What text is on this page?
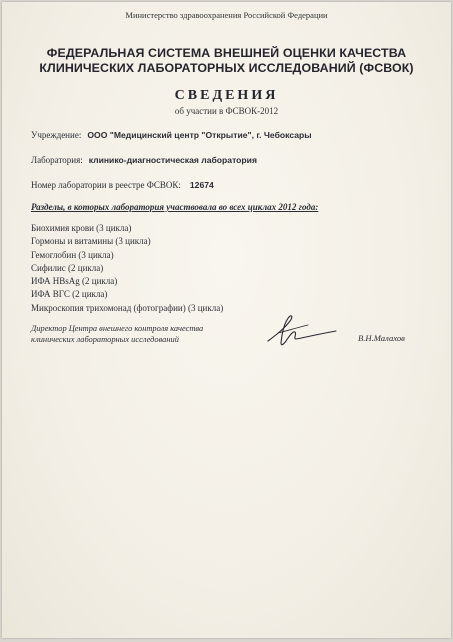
Министерство здравоохранения Российской Федерации
ФЕДЕРАЛЬНАЯ СИСТЕМА ВНЕШНЕЙ ОЦЕНКИ КАЧЕСТВА
КЛИНИЧЕСКИХ ЛАБОРАТОРНЫХ ИССЛЕДОВАНИЙ (ФСВОК)
СВЕДЕНИЯ
об участии в ФСВОК-2012
Учреждение: ООО "Медицинский центр "Открытие", г. Чебоксары
Лаборатория: клинико-диагностическая лаборатория
Номер лаборатории в реестре ФСВОК: 12674
Разделы, в которых лаборатория участвовала во всех циклах 2012 года:
Биохимия крови (3 цикла)
Гормоны и витамины (3 цикла)
Гемоглобин (3 цикла)
Сифилис (2 цикла)
ИФА HBsAg (2 цикла)
ИФА ВГС (2 цикла)
Микроскопия трихомонад (фотографии) (3 цикла)
Директор Центра внешнего контроля качества
клинических лабораторных исследований	В.Н.Малахов
